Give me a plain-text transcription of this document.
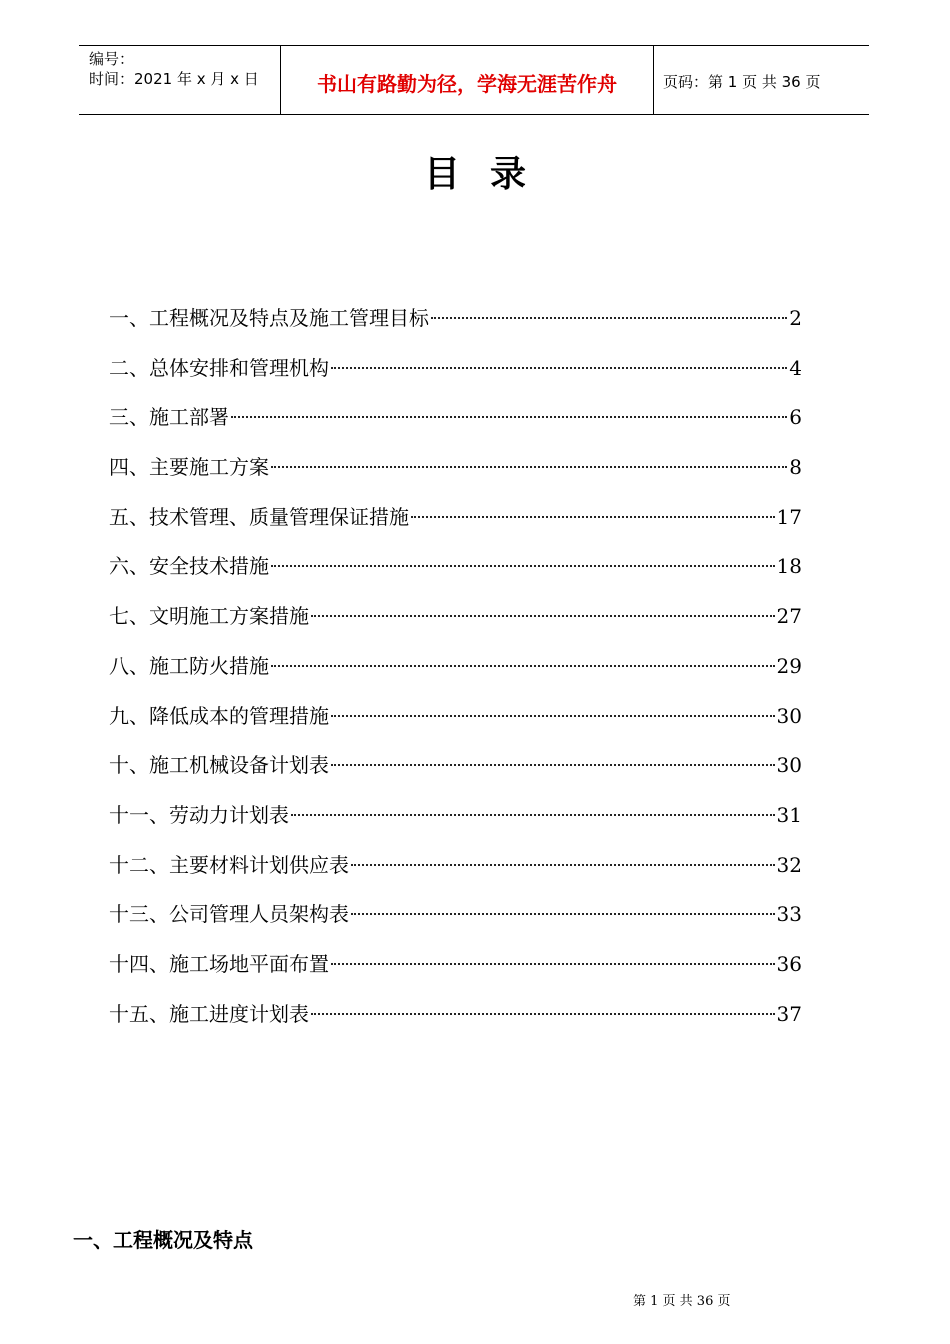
编号：
时间：2021 年 x 月 x 日	书山有路勤为径，学海无涯苦作舟	页码：第 1 页 共 36 页
目录
一、工程概况及特点及施工管理目标	2
二、总体安排和管理机构	4
三、施工部署	6
四、主要施工方案	8
五、技术管理、质量管理保证措施	17
六、安全技术措施	18
七、文明施工方案措施	27
八、施工防火措施	29
九、降低成本的管理措施	30
十、施工机械设备计划表	30
十一、劳动力计划表	31
十二、主要材料计划供应表	32
十三、公司管理人员架构表	33
十四、施工场地平面布置	36
十五、施工进度计划表	37
一、工程概况及特点
第 1 页 共 36 页
